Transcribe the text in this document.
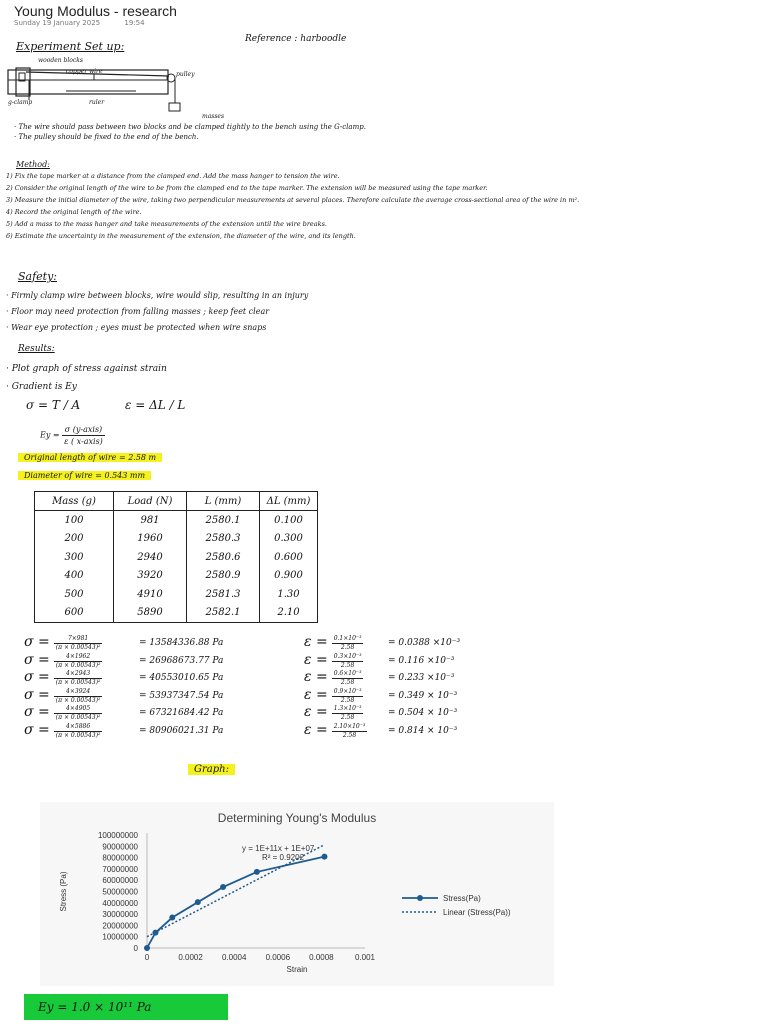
Young Modulus - research
Sunday 19 January 2025	19:54
Reference : harboodle
Experiment Set up:
wooden blocks
copper wire	pulley
g-clamp	ruler
masses
· The wire should pass between two blocks and be clamped tightly to the bench using the G-clamp.
· The pulley should be fixed to the end of the bench.
Method:
1) Fix the tape marker at a distance from the clamped end. Add the mass hanger to tension the wire.
2) Consider the original length of the wire to be from the clamped end to the tape marker. The extension will be measured using the tape marker.
3) Measure the initial diameter of the wire, taking two perpendicular measurements at several places. Therefore calculate the average cross-sectional area of the wire in m².
4) Record the original length of the wire.
5) Add a mass to the mass hanger and take measurements of the extension until the wire breaks.
6) Estimate the uncertainty in the measurement of the extension, the diameter of the wire, and its length.
Safety:
· Firmly clamp wire between blocks, wire would slip, resulting in an injury
· Floor may need protection from falling masses ; keep feet clear
· Wear eye protection ; eyes must be protected when wire snaps
Results:
· Plot graph of stress against strain
· Gradient is Ey
σ = T / A	ε = ΔL / L
$Ey = \frac{\text{σ (y-axis)}}{\text{ε ( x-axis)}}$
Original length of wire = 2.58 m
Diameter of wire = 0.543 mm
Mass (g)	Load (N)	L (mm)	ΔL (mm)
100	981	2580.1	0.100
200	1960	2580.3	0.300
300	2940	2580.6	0.600
400	3920	2580.9	0.900
500	4910	2581.3	1.30
600	5890	2582.1	2.10
$\sigma = \frac{7\times 981}{\text{(π × 0.00543)²}}$	= 13584336.88 Pa	$\varepsilon = \frac{\text{0.1×10⁻³}}{2.58}$	= 0.0388 ×10⁻³
$\sigma = \frac{4\times 1962}{\text{(π × 0.00543)²}}$	= 26968673.77 Pa	$\varepsilon = \frac{\text{0.3×10⁻³}}{2.58}$	= 0.116 ×10⁻³
$\sigma = \frac{4\times 2943}{\text{(π × 0.00543)²}}$	= 40553010.65 Pa	$\varepsilon = \frac{\text{0.6×10⁻³}}{2.58}$	= 0.233 ×10⁻³
$\sigma = \frac{4\times 3924}{\text{(π × 0.00543)²}}$	= 53937347.54 Pa	$\varepsilon = \frac{\text{0.9×10⁻³}}{2.58}$	= 0.349 × 10⁻³
$\sigma = \frac{4\times 4905}{\text{(π × 0.00543)²}}$	= 67321684.42 Pa	$\varepsilon = \frac{\text{1.3×10⁻³}}{2.58}$	= 0.504 × 10⁻³
$\sigma = \frac{4\times 5886}{\text{(π × 0.00543)²}}$	= 80906021.31 Pa	$\varepsilon = \frac{\text{2.10×10⁻³}}{2.58} = 0.814 \times 10^{-3}$
Graph:
Determining Young's Modulus
0
10000000
20000000
30000000
40000000
50000000
60000000
70000000
80000000
90000000
100000000
0	0.0002 0.0004 0.0006 0.0008	0.001
Strain
Stress (Pa)
y = 1E+11x + 1E+07
R² = 0.9202
Stress(Pa)
Linear (Stress(Pa))
Ey = 1.0 × 10¹¹ Pa
